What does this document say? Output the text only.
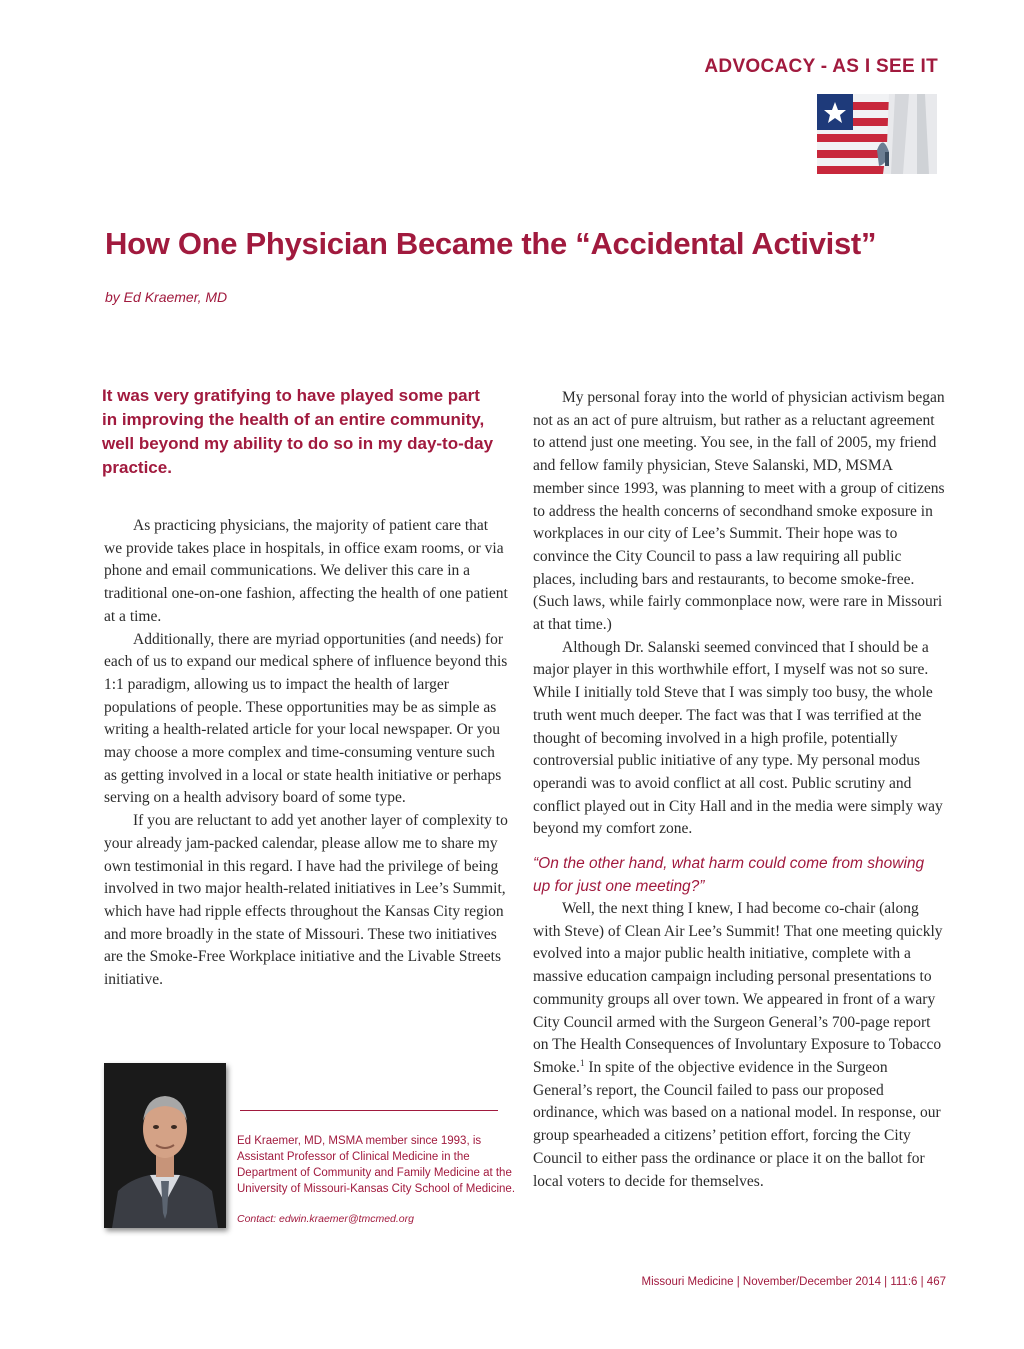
ADVOCACY - AS I SEE IT
How One Physician Became the “Accidental Activist”

by Ed Kraemer, MD

It was very gratifying to have played some part in improving the health of an entire community, well beyond my ability to do so in my day-to-day practice.

As practicing physicians, the majority of patient care that we provide takes place in hospitals, in office exam rooms, or via phone and email communications. We deliver this care in a traditional one-on-one fashion, affecting the health of one patient at a time.

Additionally, there are myriad opportunities (and needs) for each of us to expand our medical sphere of influence beyond this 1:1 paradigm, allowing us to impact the health of larger populations of people. These opportunities may be as simple as writing a health-related article for your local newspaper. Or you may choose a more complex and time-consuming venture such as getting involved in a local or state health initiative or perhaps serving on a health advisory board of some type.

If you are reluctant to add yet another layer of complexity to your already jam-packed calendar, please allow me to share my own testimonial in this regard. I have had the privilege of being involved in two major health-related initiatives in Lee’s Summit, which have had ripple effects throughout the Kansas City region and more broadly in the state of Missouri. These two initiatives are the Smoke-Free Workplace initiative and the Livable Streets initiative.

My personal foray into the world of physician activism began not as an act of pure altruism, but rather as a reluctant agreement to attend just one meeting. You see, in the fall of 2005, my friend and fellow family physician, Steve Salanski, MD, MSMA member since 1993, was planning to meet with a group of citizens to address the health concerns of secondhand smoke exposure in workplaces in our city of Lee’s Summit. Their hope was to convince the City Council to pass a law requiring all public places, including bars and restaurants, to become smoke-free. (Such laws, while fairly commonplace now, were rare in Missouri at that time.)

Although Dr. Salanski seemed convinced that I should be a major player in this worthwhile effort, I myself was not so sure. While I initially told Steve that I was simply too busy, the whole truth went much deeper. The fact was that I was terrified at the thought of becoming involved in a high profile, potentially controversial public initiative of any type. My personal modus operandi was to avoid conflict at all cost. Public scrutiny and conflict played out in City Hall and in the media were simply way beyond my comfort zone.

“On the other hand, what harm could come from showing up for just one meeting?”

Well, the next thing I knew, I had become co-chair (along with Steve) of Clean Air Lee’s Summit! That one meeting quickly evolved into a major public health initiative, complete with a massive education campaign including personal presentations to community groups all over town. We appeared in front of a wary City Council armed with the Surgeon General’s 700-page report on The Health Consequences of Involuntary Exposure to Tobacco Smoke.$^1$ In spite of the objective evidence in the Surgeon General’s report, the Council failed to pass our proposed ordinance, which was based on a national model. In response, our group spearheaded a citizens’ petition effort, forcing the City Council to either pass the ordinance or place it on the ballot for local voters to decide for themselves.

Ed Kraemer, MD, MSMA member since 1993, is Assistant Professor of Clinical Medicine in the Department of Community and Family Medicine at the University of Missouri-Kansas City School of Medicine.

Contact: edwin.kraemer@tmcmed.org

Missouri Medicine | November/December 2014 | 111:6 | 467
